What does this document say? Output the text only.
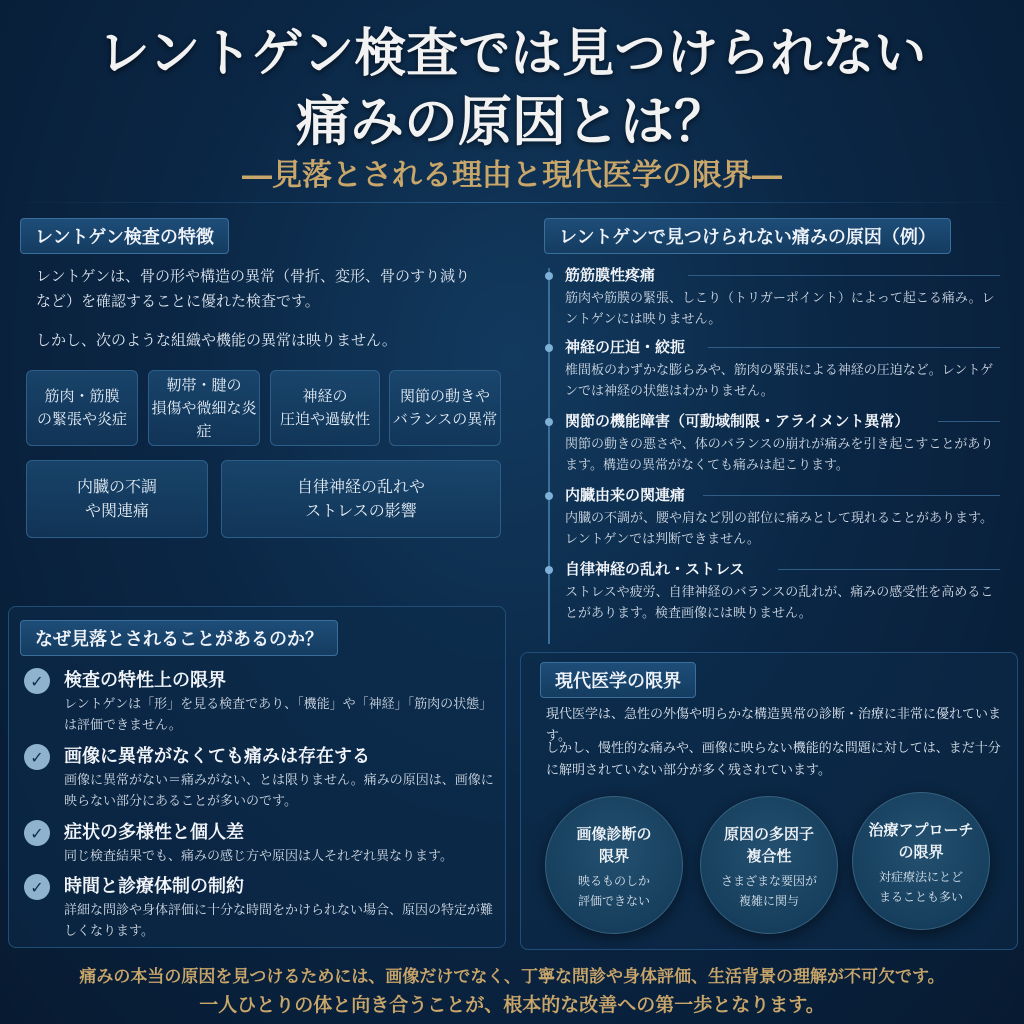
レントゲン検査では見つけられない
痛みの原因とは？
―見落とされる理由と現代医学の限界―
レントゲン検査の特徴
レントゲンは、骨の形や構造の異常（骨折、変形、骨のすり減りなど）を確認することに優れた検査です。
しかし、次のような組織や機能の異常は映りません。
筋肉・筋膜
の緊張や炎症
靭帯・腱の
損傷や微細な炎症
神経の
圧迫や過敏性
関節の動きや
バランスの異常
内臓の不調
や関連痛
自律神経の乱れや
ストレスの影響
なぜ見落とされることがあるのか？
✓	検査の特性上の限界
レントゲンは「形」を見る検査であり、「機能」や「神経」「筋肉の状態」は評価できません。
✓	画像に異常がなくても痛みは存在する
画像に異常がない＝痛みがない、とは限りません。痛みの原因は、画像に映らない部分にあることが多いのです。
✓	症状の多様性と個人差
同じ検査結果でも、痛みの感じ方や原因は人それぞれ異なります。
✓	時間と診療体制の制約
詳細な問診や身体評価に十分な時間をかけられない場合、原因の特定が難しくなります。
レントゲンで見つけられない痛みの原因（例）
筋筋膜性疼痛
筋肉や筋膜の緊張、しこり（トリガーポイント）によって起こる痛み。レントゲンには映りません。
神経の圧迫・絞扼
椎間板のわずかな膨らみや、筋肉の緊張による神経の圧迫など。レントゲンでは神経の状態はわかりません。
関節の機能障害（可動域制限・アライメント異常）
関節の動きの悪さや、体のバランスの崩れが痛みを引き起こすことがあります。構造の異常がなくても痛みは起こります。
内臓由来の関連痛
内臓の不調が、腰や肩など別の部位に痛みとして現れることがあります。レントゲンでは判断できません。
自律神経の乱れ・ストレス
ストレスや疲労、自律神経のバランスの乱れが、痛みの感受性を高めることがあります。検査画像には映りません。
現代医学の限界
現代医学は、急性の外傷や明らかな構造異常の診断・治療に非常に優れています。
しかし、慢性的な痛みや、画像に映らない機能的な問題に対しては、まだ十分に解明されていない部分が多く残されています。
画像診断の
限界
映るものしか
評価できない
原因の多因子
複合性
さまざまな要因が
複雑に関与
治療アプローチ
の限界
対症療法にとど
まることも多い
痛みの本当の原因を見つけるためには、画像だけでなく、丁寧な問診や身体評価、生活背景の理解が不可欠です。
一人ひとりの体と向き合うことが、根本的な改善への第一歩となります。
